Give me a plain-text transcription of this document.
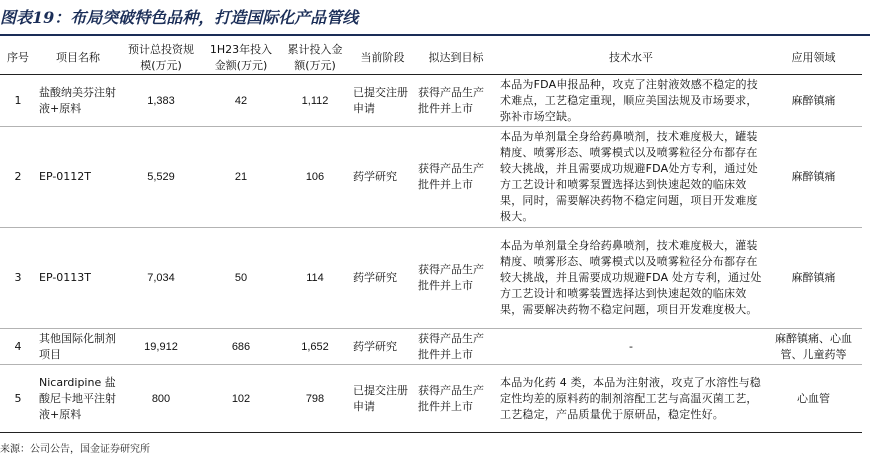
图表19：布局突破特色品种，打造国际化产品管线
序号	项目名称	预计总投资规模(万元)	1H23年投入金额(万元)	累计投入金额(万元)	当前阶段	拟达到目标	技术水平	应用领域
1	盐酸纳美芬注射液+原料	1,383	42	1,112	已提交注册申请	获得产品生产批件并上市	本品为FDA申报品种，攻克了注射液效感不稳定的技术难点，工艺稳定重现，顺应美国法规及市场要求，弥补市场空缺。	麻醉镇痛
2	EP-0112T	5,529	21	106	药学研究	获得产品生产批件并上市	本品为单剂量全身给药鼻喷剂，技术难度极大，罐装精度、喷雾形态、喷雾模式以及喷雾粒径分布都存在较大挑战，并且需要成功规避FDA处方专利，通过处方工艺设计和喷雾泵置选择达到快速起效的临床效果，同时，需要解决药物不稳定问题，项目开发难度极大。	麻醉镇痛
3	EP-0113T	7,034	50	114	药学研究	获得产品生产批件并上市	本品为单剂量全身给药鼻喷剂，技术难度极大，灌装精度、喷雾形态、喷雾模式以及喷雾粒径分布都存在较大挑战，并且需要成功规避FDA 处方专利，通过处方工艺设计和喷雾装置选择达到快速起效的临床效果，需要解决药物不稳定问题，项目开发难度极大。	麻醉镇痛
4	其他国际化制剂项目	19,912	686	1,652	药学研究	获得产品生产批件并上市	-	麻醉镇痛、心血管、儿童药等
5	Nicardipine 盐酸尼卡地平注射液+原料	800	102	798	已提交注册申请	获得产品生产批件并上市	本品为化药 4 类，本品为注射液，攻克了水溶性与稳定性均差的原料药的制剂溶配工艺与高温灭菌工艺，工艺稳定，产品质量优于原研品，稳定性好。	心血管
来源：公司公告，国金证券研究所
